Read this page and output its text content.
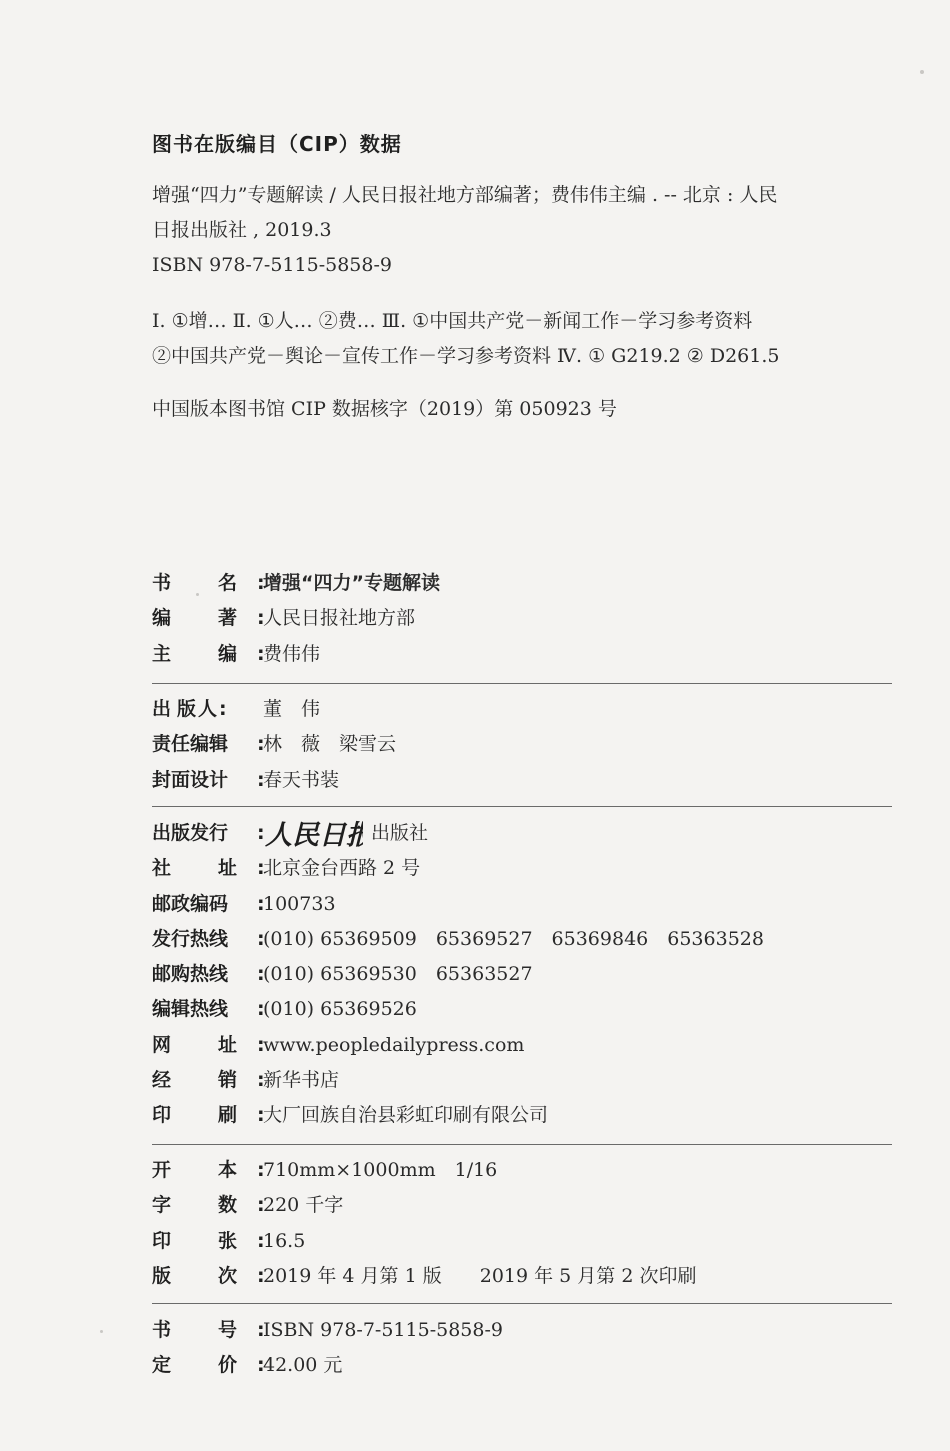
图书在版编目（CIP）数据
增强“四力”专题解读 / 人民日报社地方部编著；费伟伟主编 . -- 北京 : 人民
日报出版社 , 2019.3
ISBN 978-7-5115-5858-9
Ⅰ. ①增… Ⅱ. ①人… ②费… Ⅲ. ①中国共产党－新闻工作－学习参考资料
②中国共产党－舆论－宣传工作－学习参考资料 Ⅳ. ① G219.2 ② D261.5
中国版本图书馆 CIP 数据核字（2019）第 050923 号
书 名 :增强“四力”专题解读
编 著 :人民日报社地方部
主 编 :费伟伟
出 版 人 : 董　伟
责任编辑 :林　薇　梁雪云
封面设计 :春天书装
出版发行 : 人民日报
出版社
社 址 :北京金台西路 2 号
邮政编码 :100733
发行热线 :(010) 65369509　65369527　65369846　65363528
邮购热线 :(010) 65369530　65363527
编辑热线 :(010) 65369526
网 址 :www.peopledailypress.com
经 销 :新华书店
印 刷 :大厂回族自治县彩虹印刷有限公司
开 本 :710mm×1000mm　1/16
字 数 :220 千字
印 张 :16.5
版 次 :2019 年 4 月第 1 版　　2019 年 5 月第 2 次印刷
书 号 :ISBN 978-7-5115-5858-9
定 价 :42.00 元
